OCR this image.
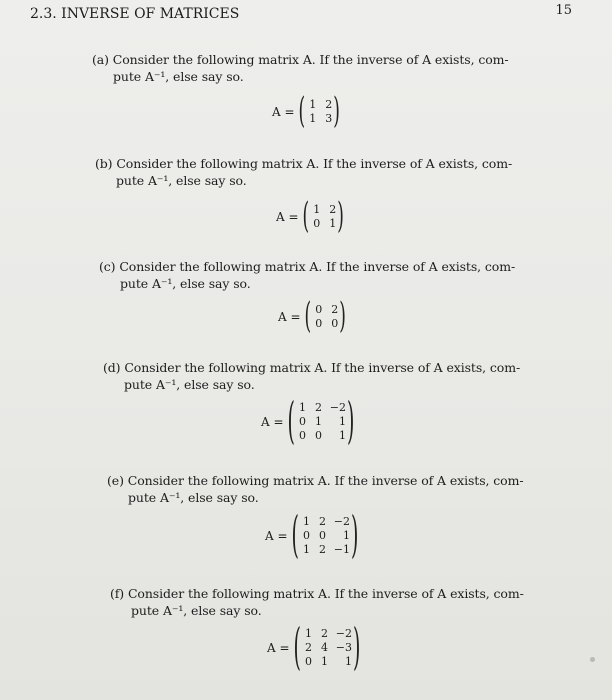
2.3. INVERSE OF MATRICES	15
(a) Consider the following matrix A. If the inverse of A exists, com-
pute A⁻¹, else say so.
A = ( 1 2
1 3 )
(b) Consider the following matrix A. If the inverse of A exists, com-
pute A⁻¹, else say so.
A = ( 1 2
0 1 )
(c) Consider the following matrix A. If the inverse of A exists, com-
pute A⁻¹, else say so.
A = ( 0 2
0 0 )
(d) Consider the following matrix A. If the inverse of A exists, com-
pute A⁻¹, else say so.
A = ( 1 2 −2
0 1	1
0 0	1 )
(e) Consider the following matrix A. If the inverse of A exists, com-
pute A⁻¹, else say so.
A = ( 1 2 −2
0 0	1
1 2 −1 )
(f) Consider the following matrix A. If the inverse of A exists, com-
pute A⁻¹, else say so.
A = ( 1 2 −2
2 4 −3
0 1	1 )
